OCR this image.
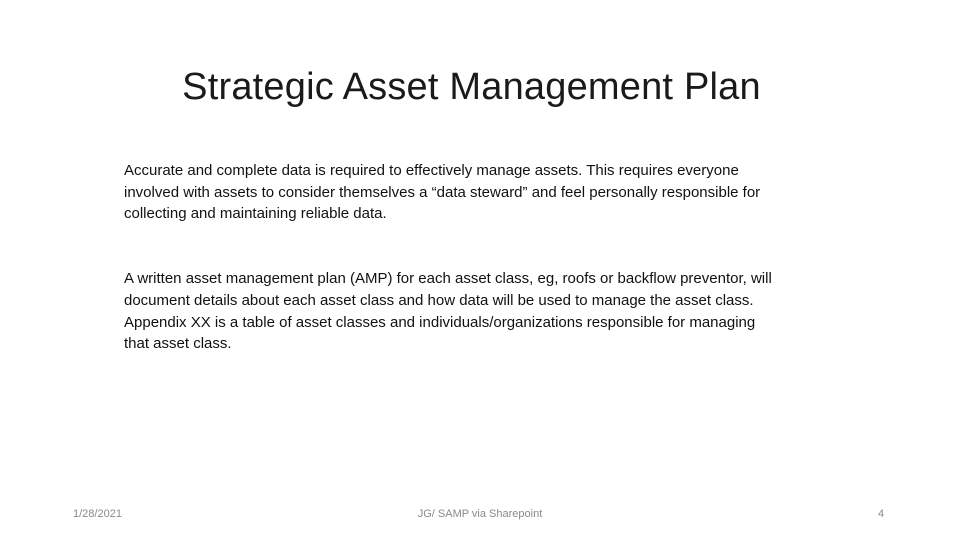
Strategic Asset Management Plan

Accurate and complete data is required to effectively manage assets. This requires everyone involved with assets to consider themselves a “data steward” and feel personally responsible for collecting and maintaining reliable data.

A written asset management plan (AMP) for each asset class, eg, roofs or backflow preventor, will document details about each asset class and how data will be used to manage the asset class. Appendix XX is a table of asset classes and individuals/organizations responsible for managing that asset class.

1/28/2021	JG/ SAMP via Sharepoint	4
